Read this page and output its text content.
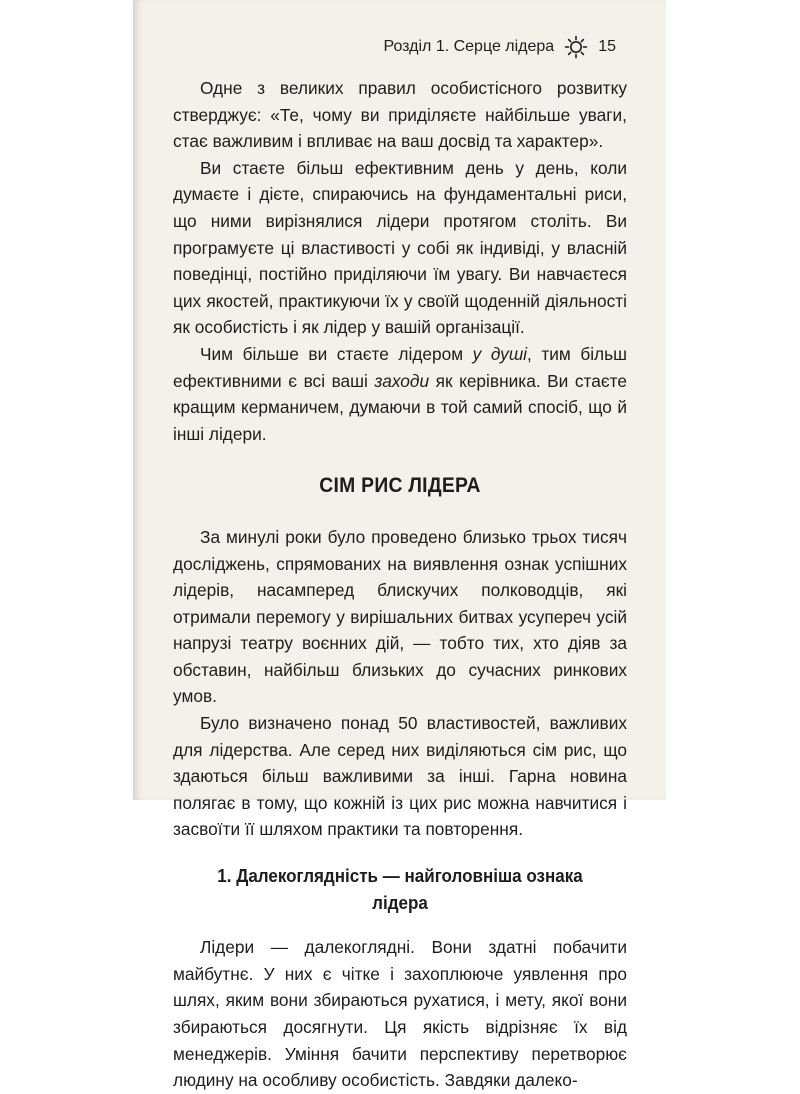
Розділ 1. Серце лідера	15

Одне з великих правил особистісного розвитку стверджує: «Те, чому ви приділяєте найбільше уваги, стає важливим і впливає на ваш досвід та характер».

Ви стаєте більш ефективним день у день, коли думаєте і дієте, спираючись на фундаментальні риси, що ними вирізнялися лідери протягом століть. Ви програмуєте ці властивості у собі як індивіді, у власній поведінці, постійно приділяючи їм увагу. Ви навчаєтеся цих якостей, практикуючи їх у своїй щоденній діяльності як особистість і як лідер у вашій організації.

Чим більше ви стаєте лідером у душі, тим більш ефективними є всі ваші заходи як керівника. Ви стаєте кращим керманичем, думаючи в той самий спосіб, що й інші лідери.

СІМ РИС ЛІДЕРА

За минулі роки було проведено близько трьох тисяч досліджень, спрямованих на виявлення ознак успішних лідерів, насамперед блискучих полководців, які отримали перемогу у вирішальних битвах усупереч усій напрузі театру воєнних дій, — тобто тих, хто діяв за обставин, найбільш близьких до сучасних ринкових умов.

Було визначено понад 50 властивостей, важливих для лідерства. Але серед них виділяються сім рис, що здаються більш важливими за інші. Гарна новина полягає в тому, що кожній із цих рис можна навчитися і засвоїти її шляхом практики та повторення.

1. Далекоглядність — найголовніша ознака лідера

Лідери — далекоглядні. Вони здатні побачити майбутнє. У них є чітке і захоплююче уявлення про шлях, яким вони збираються рухатися, і мету, якої вони збираються досягнути. Ця якість відрізняє їх від менеджерів. Уміння бачити перспективу перетворює людину на особливу особистість. Завдяки далеко-
